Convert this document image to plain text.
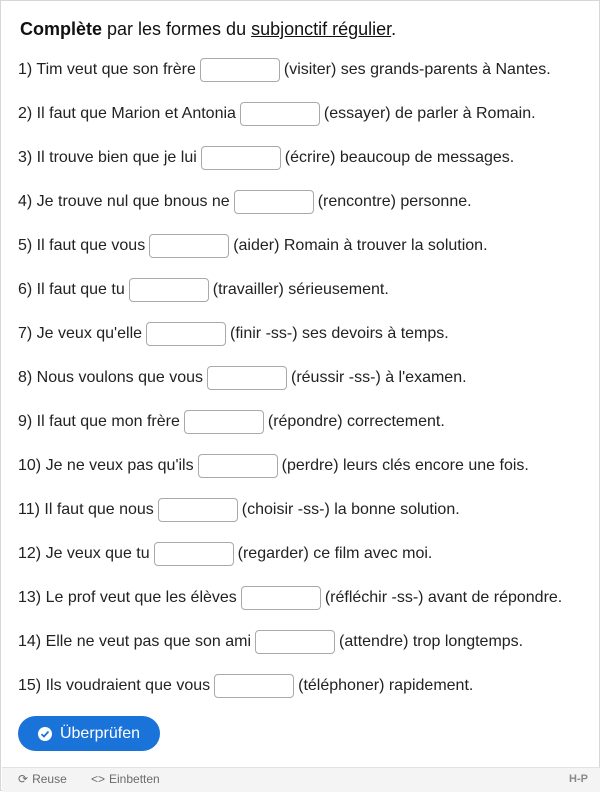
Complète par les formes du subjonctif régulier.
1) Tim veut que son frère	(visiter) ses grands-parents à Nantes.
2) Il faut que Marion et Antonia	(essayer) de parler à Romain.
3) Il trouve bien que je lui	(écrire) beaucoup de messages.
4) Je trouve nul que bnous ne	(rencontre) personne.
5) Il faut que vous	(aider) Romain à trouver la solution.
6) Il faut que tu	(travailler) sérieusement.
7) Je veux qu'elle	(finir -ss-) ses devoirs à temps.
8) Nous voulons que vous	(réussir -ss-) à l'examen.
9) Il faut que mon frère	(répondre) correctement.
10) Je ne veux pas qu'ils	(perdre) leurs clés encore une fois.
11) Il faut que nous	(choisir -ss-) la bonne solution.
12) Je veux que tu	(regarder) ce film avec moi.
13) Le prof veut que les élèves	(réfléchir -ss-) avant de répondre.
14) Elle ne veut pas que son ami	(attendre) trop longtemps.
15) Ils voudraient que vous	(téléphoner) rapidement.
Überprüfen
⟳ Reuse <> Einbetten	H-P
